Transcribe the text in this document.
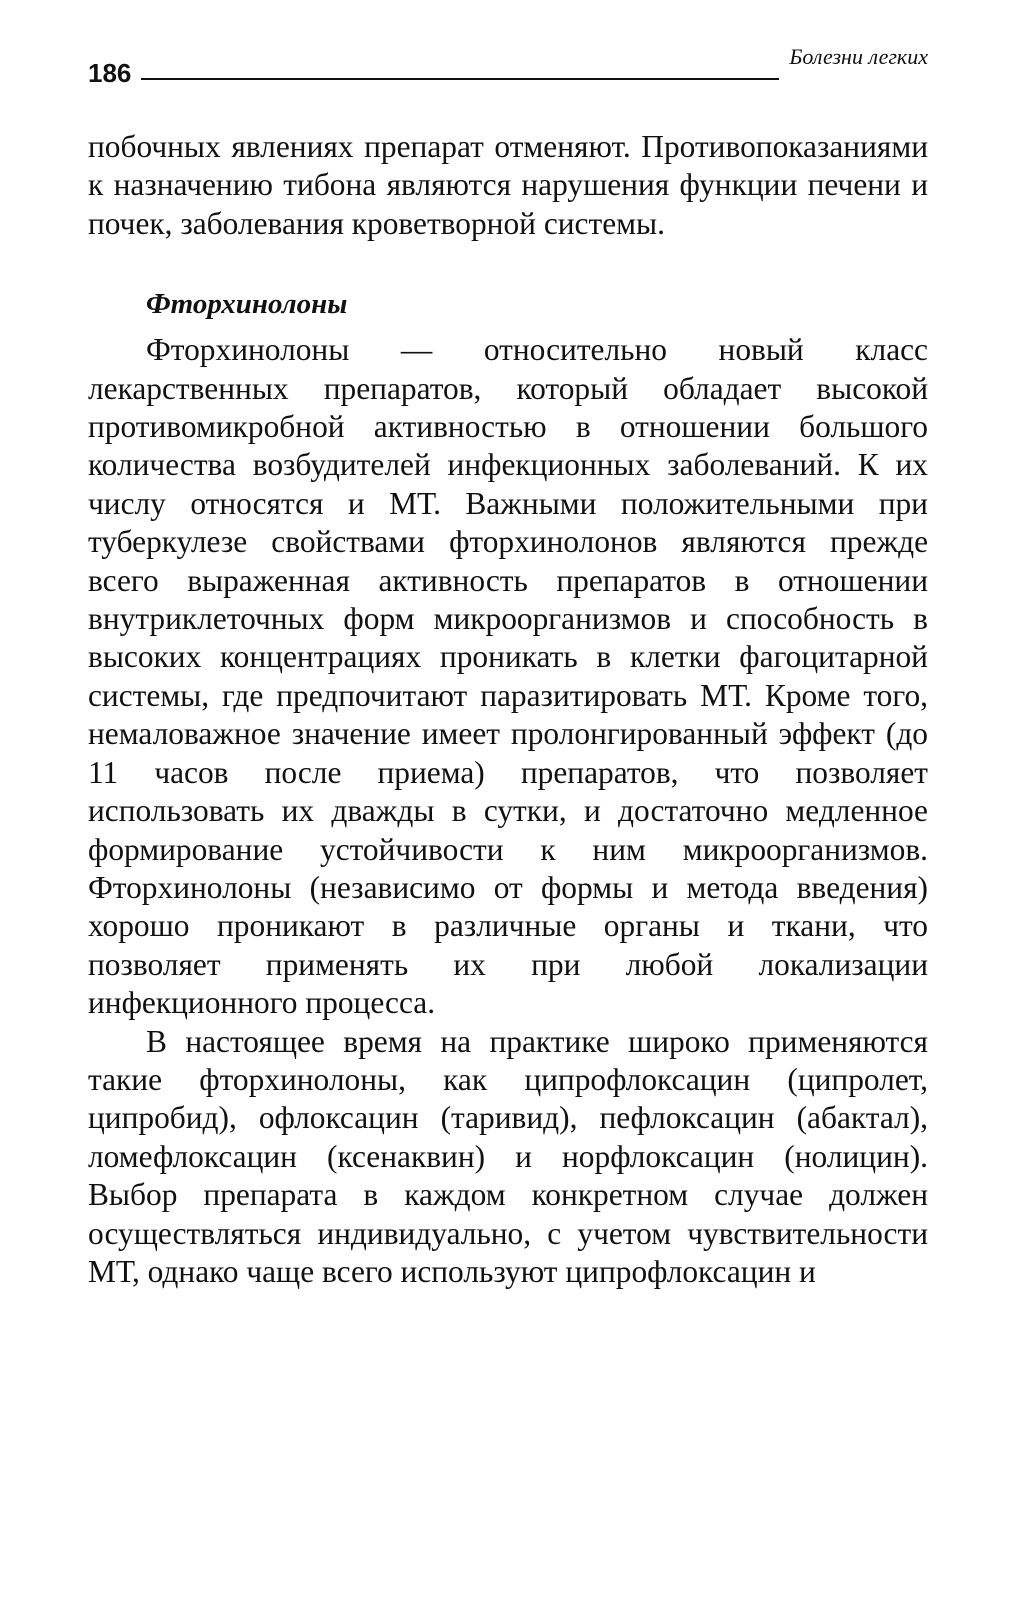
186
Болезни легких

побочных явлениях препарат отменяют. Противопоказаниями к назначению тибона являются нарушения функции печени и почек, заболевания кроветворной системы.

Фторхинолоны

Фторхинолоны — относительно новый класс лекарственных препаратов, который обладает высокой противомикробной активностью в отношении большого количества возбудителей инфекционных заболеваний. К их числу относятся и МТ. Важными положительными при туберкулезе свойствами фторхинолонов являются прежде всего выраженная активность препаратов в отношении внутриклеточных форм микроорганизмов и способность в высоких концентрациях проникать в клетки фагоцитарной системы, где предпочитают паразитировать МТ. Кроме того, немаловажное значение имеет пролонгированный эффект (до 11 часов после приема) препаратов, что позволяет использовать их дважды в сутки, и достаточно медленное формирование устойчивости к ним микроорганизмов. Фторхинолоны (независимо от формы и метода введения) хорошо проникают в различные органы и ткани, что позволяет применять их при любой локализации инфекционного процесса.

В настоящее время на практике широко применяются такие фторхинолоны, как ципрофлоксацин (ципролет, ципробид), офлоксацин (таривид), пефлоксацин (абактал), ломефлоксацин (ксенаквин) и норфлоксацин (нолицин). Выбор препарата в каждом конкретном случае должен осуществляться индивидуально, с учетом чувствительности МТ, однако чаще всего используют ципрофлоксацин и
